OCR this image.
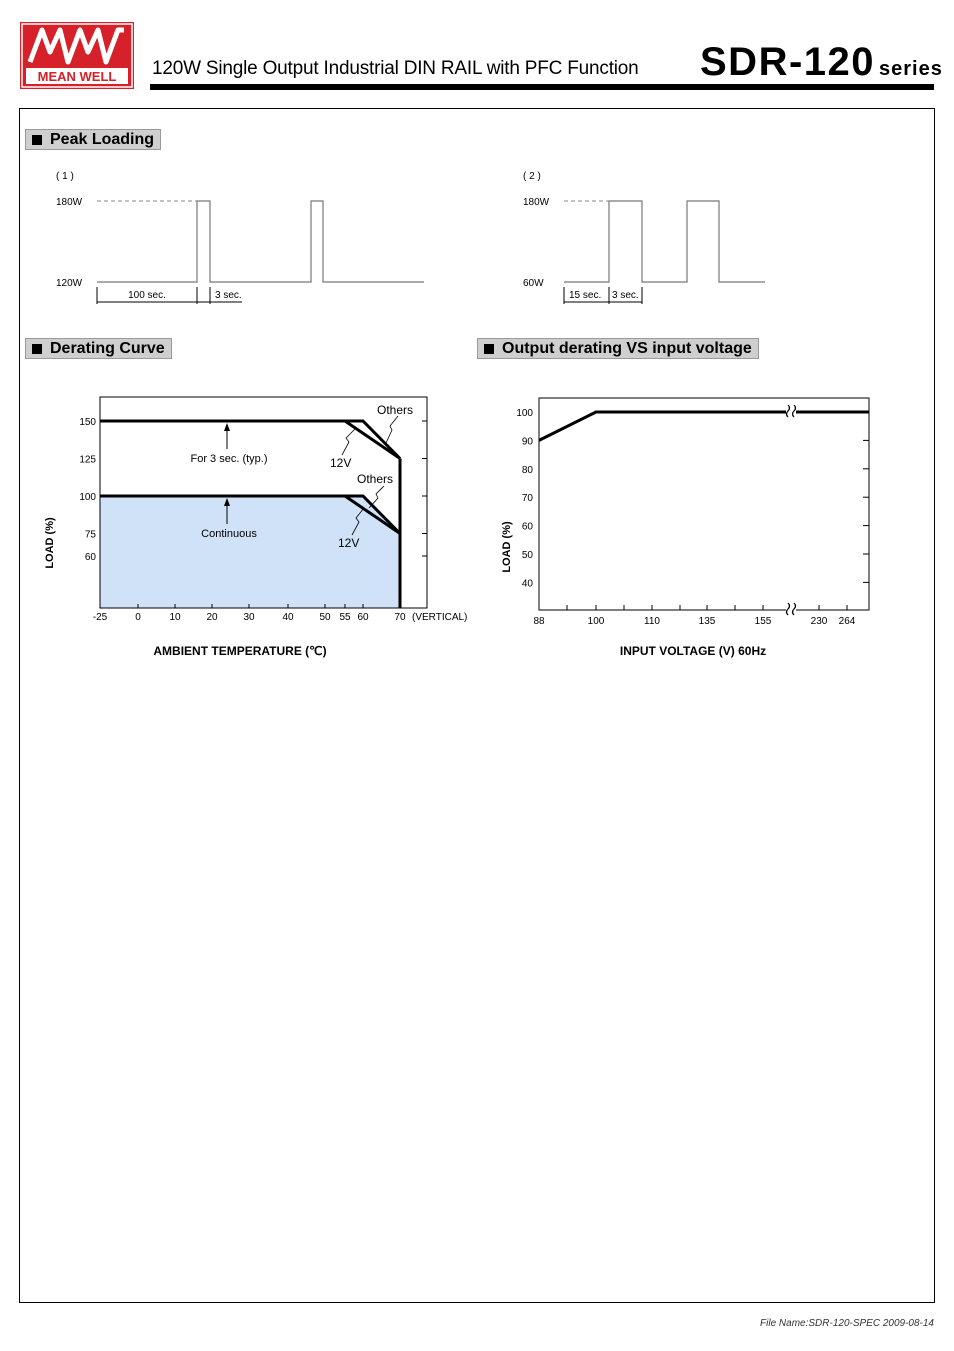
MEAN WELL 120W Single Output Industrial DIN RAIL with PFC Function SDR-120 series
Peak Loading
Derating Curve	Output derating VS input voltage
( 1 )
180W
120W
100 sec.	3 sec.
( 2 )
180W
60W
15 sec. 3 sec.
-25	0	10	20	30	40	50 55 60	70
150
125
100
75
60
Others
12V
Others
12V
For 3 sec. (typ.)
Continuous
LOAD (%)
AMBIENT TEMPERATURE (℃)
(VERTICAL)	88	100	110	135	155	230 264
100
90
80
70
60
50
40
LOAD (%)
INPUT VOLTAGE (V) 60Hz
File Name:SDR-120-SPEC 2009-08-14
